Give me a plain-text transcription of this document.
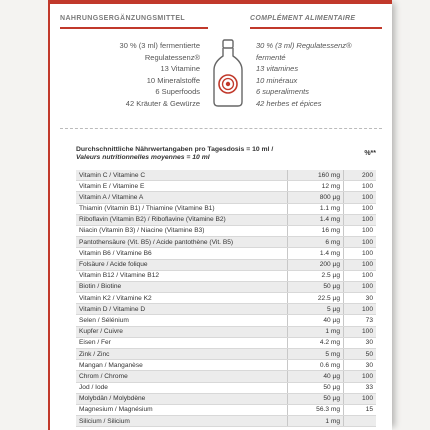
NAHRUNGSERGÄNZUNGSMITTEL	COMPLÉMENT ALIMENTAIRE
30 % (3 ml) fermentierte
Regulatessenz®
13 Vitamine
10 Mineralstoffe
6 Superfoods
42 Kräuter & Gewürze
30 % (3 ml) Regulatessenz®
fermenté
13 vitamines
10 minéraux
6 superaliments
42 herbes et épices
Durchschnittliche Nährwertangaben pro Tagesdosis = 10 ml /
Valeurs nutritionnelles moyennes = 10 ml
%**
Vitamin C / Vitamine C	160 mg	200
Vitamin E / Vitamine E	12 mg	100
Vitamin A / Vitamine A	800 µg	100
Thiamin (Vitamin B1) / Thiamine (Vitamine B1)	1.1 mg	100
Riboflavin (Vitamin B2) / Riboflavine (Vitamine B2)	1.4 mg	100
Niacin (Vitamin B3) / Niacine (Vitamine B3)	16 mg	100
Pantothensäure (Vit. B5) / Acide pantothène (Vit. B5)	6 mg	100
Vitamin B6 / Vitamine B6	1.4 mg	100
Folsäure / Acide folique	200 µg	100
Vitamin B12 / Vitamine B12	2.5 µg	100
Biotin / Biotine	50 µg	100
Vitamin K2 / Vitamine K2	22.5 µg	30
Vitamin D / Vitamine D	5 µg	100
Selen / Sélénium	40 µg	73
Kupfer / Cuivre	1 mg	100
Eisen / Fer	4.2 mg	30
Zink / Zinc	5 mg	50
Mangan / Manganèse	0.6 mg	30
Chrom / Chrome	40 µg	100
Jod / Iode	50 µg	33
Molybdän / Molybdène	50 µg	100
Magnesium / Magnésium	56.3 mg	15
Silicium / Silicium	1 mg
